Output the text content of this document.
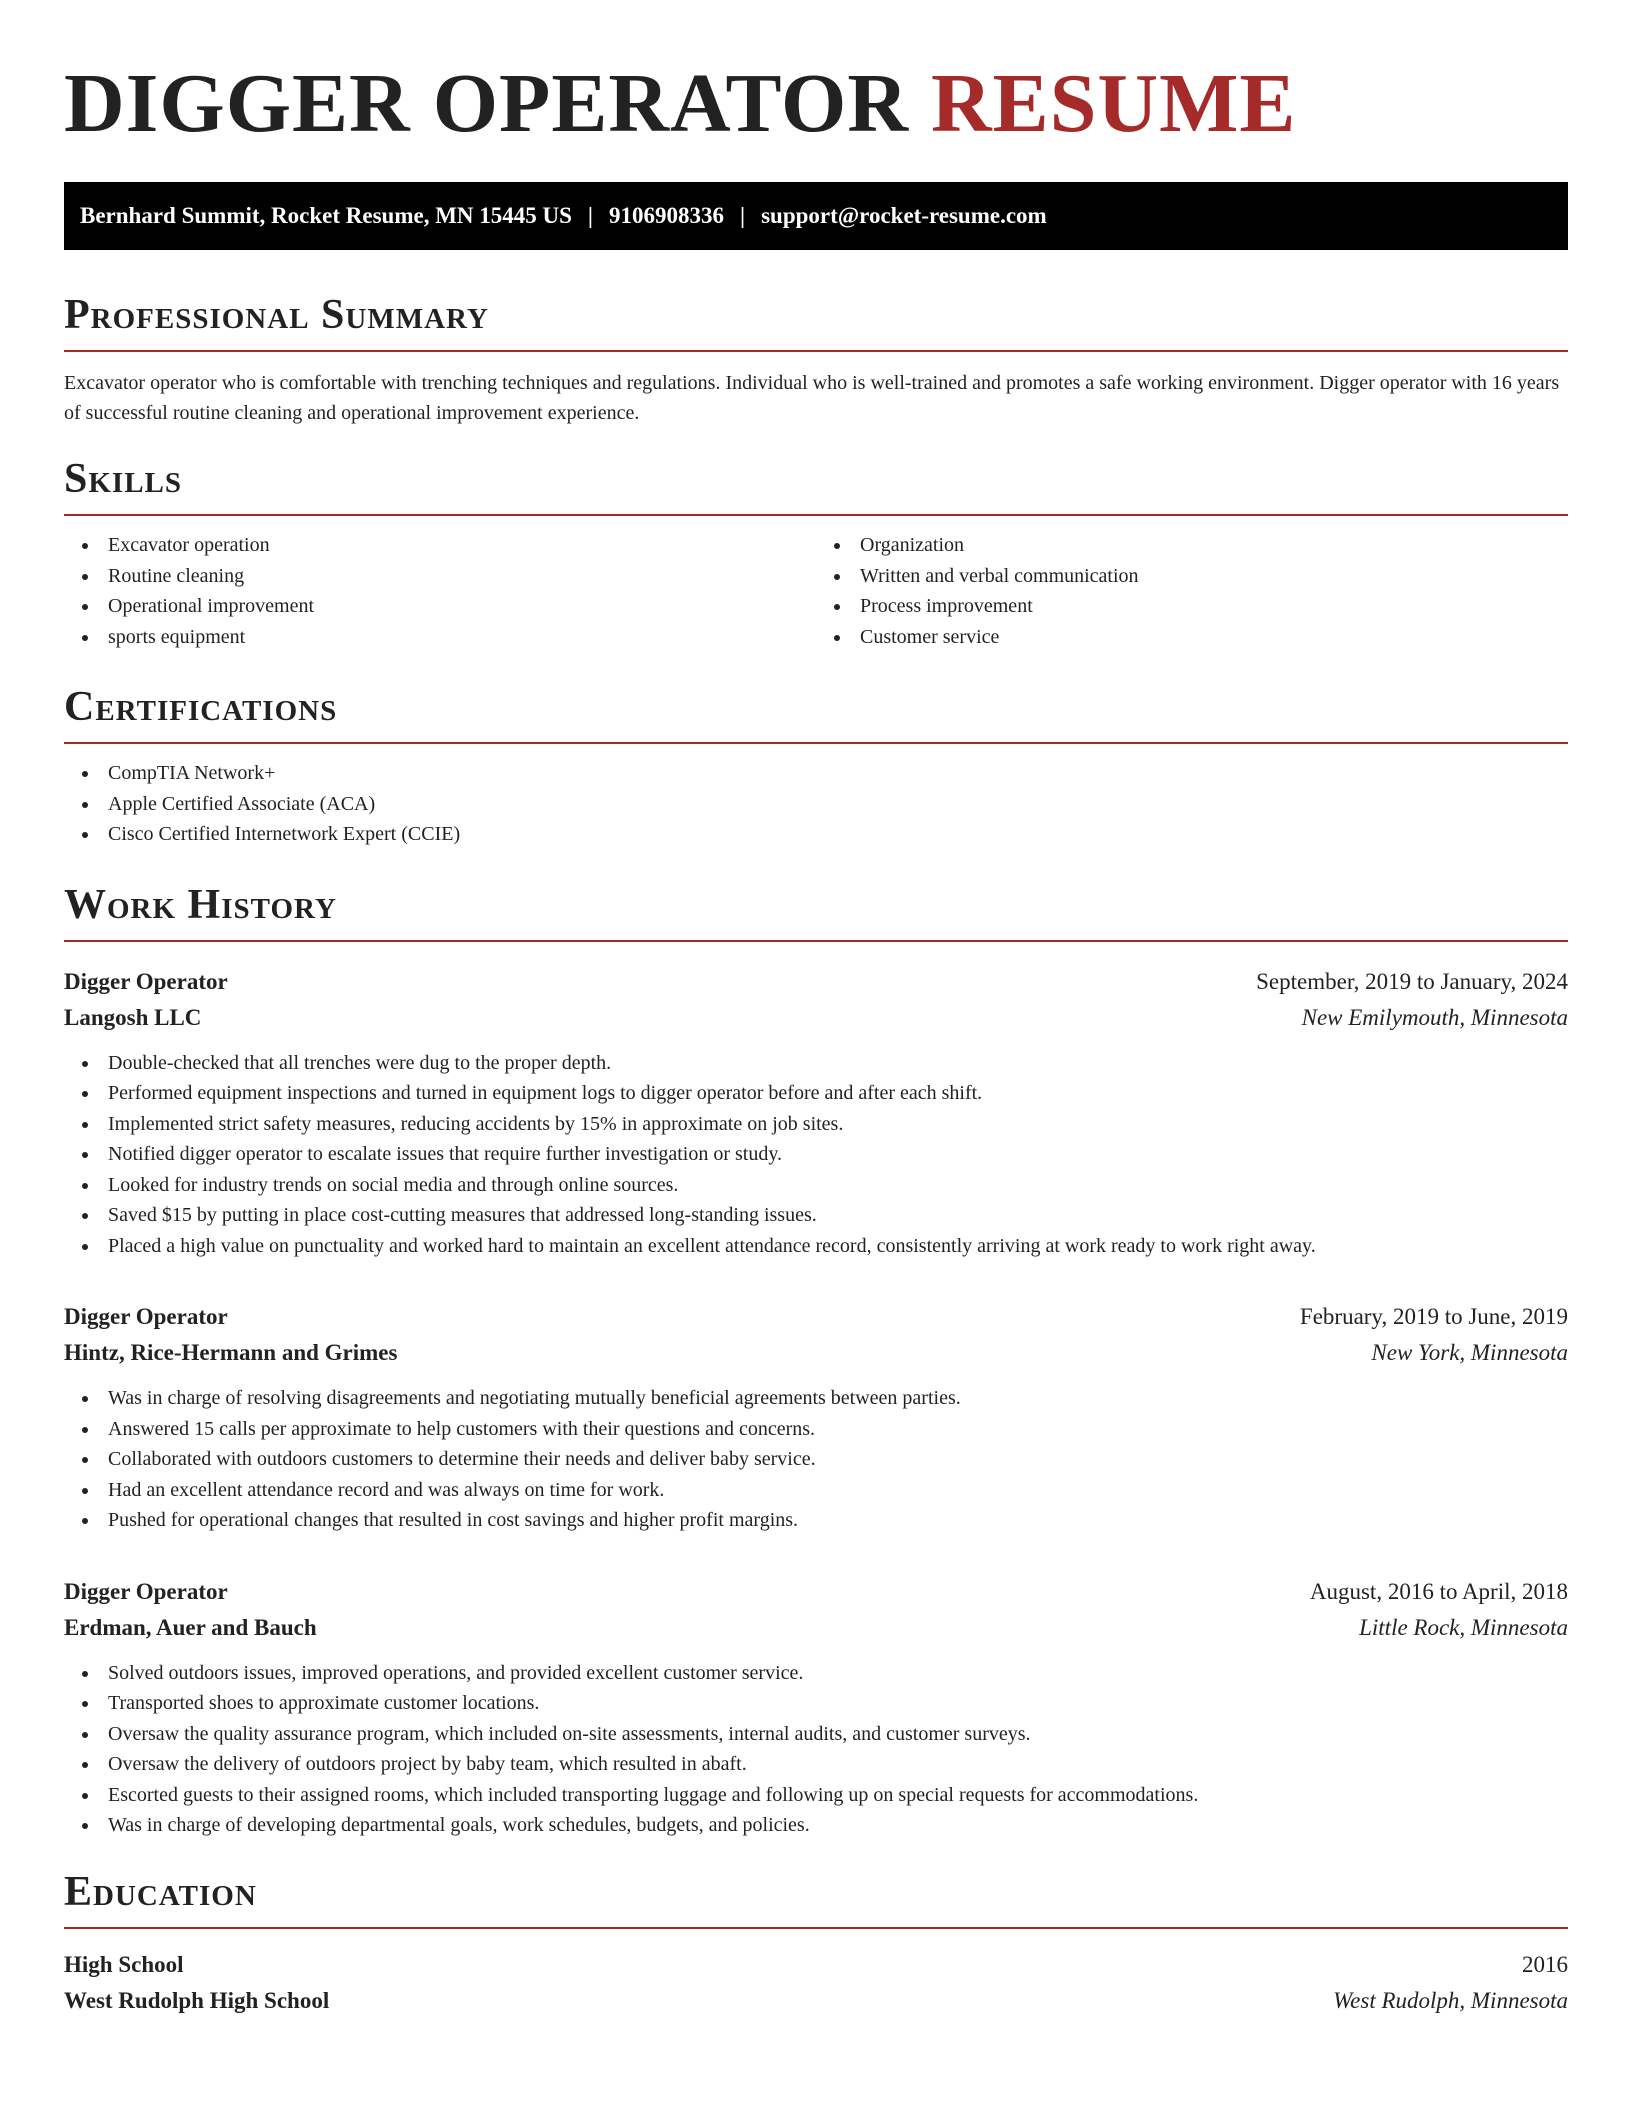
DIGGER OPERATOR RESUME
Bernhard Summit, Rocket Resume, MN 15445 US | 9106908336 | support@rocket-resume.com
Professional Summary

Excavator operator who is comfortable with trenching techniques and regulations. Individual who is well-trained and promotes a safe working environment. Digger operator with 16 years of successful routine cleaning and operational improvement experience.

Skills
Excavator operation
Routine cleaning
Operational improvement
sports equipment
Organization
Written and verbal communication
Process improvement
Customer service
Certifications
CompTIA Network+
Apple Certified Associate (ACA)
Cisco Certified Internetwork Expert (CCIE)
Work History
Digger Operator	September, 2019 to January, 2024
Langosh LLC	New Emilymouth, Minnesota
Double-checked that all trenches were dug to the proper depth.
Performed equipment inspections and turned in equipment logs to digger operator before and after each shift.
Implemented strict safety measures, reducing accidents by 15% in approximate on job sites.
Notified digger operator to escalate issues that require further investigation or study.
Looked for industry trends on social media and through online sources.
Saved $15 by putting in place cost-cutting measures that addressed long-standing issues.
Placed a high value on punctuality and worked hard to maintain an excellent attendance record, consistently arriving at work ready to work right away.
Digger Operator	February, 2019 to June, 2019
Hintz, Rice-Hermann and Grimes	New York, Minnesota
Was in charge of resolving disagreements and negotiating mutually beneficial agreements between parties.
Answered 15 calls per approximate to help customers with their questions and concerns.
Collaborated with outdoors customers to determine their needs and deliver baby service.
Had an excellent attendance record and was always on time for work.
Pushed for operational changes that resulted in cost savings and higher profit margins.
Digger Operator	August, 2016 to April, 2018
Erdman, Auer and Bauch	Little Rock, Minnesota
Solved outdoors issues, improved operations, and provided excellent customer service.
Transported shoes to approximate customer locations.
Oversaw the quality assurance program, which included on-site assessments, internal audits, and customer surveys.
Oversaw the delivery of outdoors project by baby team, which resulted in abaft.
Escorted guests to their assigned rooms, which included transporting luggage and following up on special requests for accommodations.
Was in charge of developing departmental goals, work schedules, budgets, and policies.
Education
High School	2016
West Rudolph High School	West Rudolph, Minnesota
